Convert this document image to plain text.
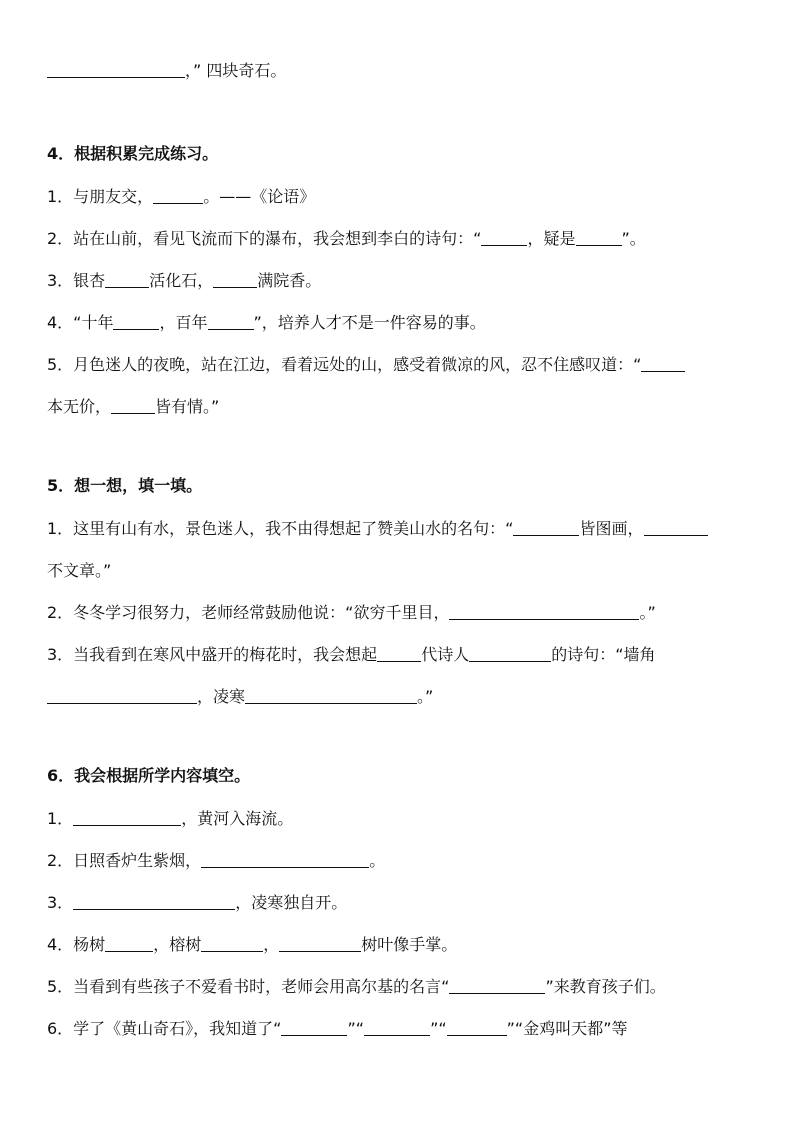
，” 四块奇石。
4．根据积累完成练习。
1．与朋友交，	。——《论语》
2．站在山前，看见飞流而下的瀑布，我会想到李白的诗句：“	，疑是	”。
3．银杏	活化石，	满院香。
4．“十年	，百年	”，培养人才不是一件容易的事。
5．月色迷人的夜晚，站在江边，看着远处的山，感受着微凉的风，忍不住感叹道：“
本无价，	皆有情。”
5．想一想，填一填。
1．这里有山有水，景色迷人，我不由得想起了赞美山水的名句：“	皆图画，
不文章。”
2．冬冬学习很努力，老师经常鼓励他说：“欲穷千里目，	。”
3．当我看到在寒风中盛开的梅花时，我会想起	代诗人	的诗句：“墙角
，凌寒	。”
6．我会根据所学内容填空。
1．	，黄河入海流。
2．日照香炉生紫烟，	。
3．	，凌寒独自开。
4．杨树	，榕树	，	树叶像手掌。
5．当看到有些孩子不爱看书时，老师会用高尔基的名言“	”来教育孩子们。
6．学了《黄山奇石》，我知道了“	”“	”“	”“金鸡叫天都”等
